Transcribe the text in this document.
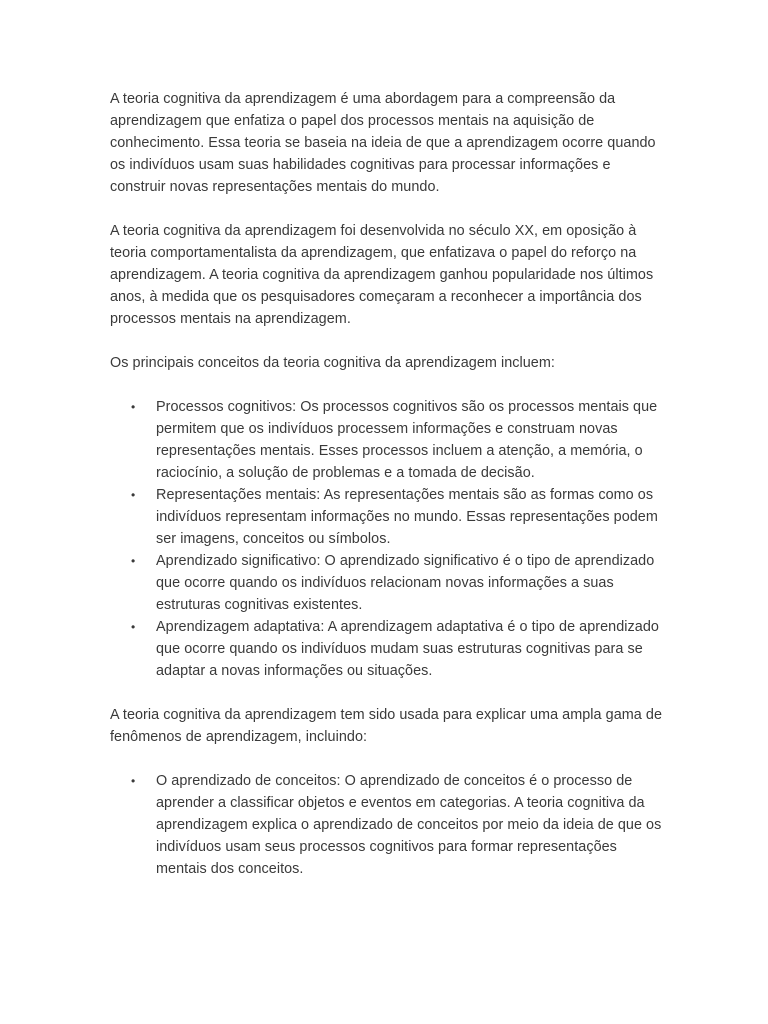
A teoria cognitiva da aprendizagem é uma abordagem para a compreensão da aprendizagem que enfatiza o papel dos processos mentais na aquisição de conhecimento. Essa teoria se baseia na ideia de que a aprendizagem ocorre quando os indivíduos usam suas habilidades cognitivas para processar informações e construir novas representações mentais do mundo.

A teoria cognitiva da aprendizagem foi desenvolvida no século XX, em oposição à teoria comportamentalista da aprendizagem, que enfatizava o papel do reforço na aprendizagem. A teoria cognitiva da aprendizagem ganhou popularidade nos últimos anos, à medida que os pesquisadores começaram a reconhecer a importância dos processos mentais na aprendizagem.

Os principais conceitos da teoria cognitiva da aprendizagem incluem:

• Processos cognitivos: Os processos cognitivos são os processos mentais que permitem que os indivíduos processem informações e construam novas representações mentais. Esses processos incluem a atenção, a memória, o raciocínio, a solução de problemas e a tomada de decisão.
• Representações mentais: As representações mentais são as formas como os indivíduos representam informações no mundo. Essas representações podem ser imagens, conceitos ou símbolos.
• Aprendizado significativo: O aprendizado significativo é o tipo de aprendizado que ocorre quando os indivíduos relacionam novas informações a suas estruturas cognitivas existentes.
• Aprendizagem adaptativa: A aprendizagem adaptativa é o tipo de aprendizado que ocorre quando os indivíduos mudam suas estruturas cognitivas para se adaptar a novas informações ou situações.

A teoria cognitiva da aprendizagem tem sido usada para explicar uma ampla gama de fenômenos de aprendizagem, incluindo:

• O aprendizado de conceitos: O aprendizado de conceitos é o processo de aprender a classificar objetos e eventos em categorias. A teoria cognitiva da aprendizagem explica o aprendizado de conceitos por meio da ideia de que os indivíduos usam seus processos cognitivos para formar representações mentais dos conceitos.
